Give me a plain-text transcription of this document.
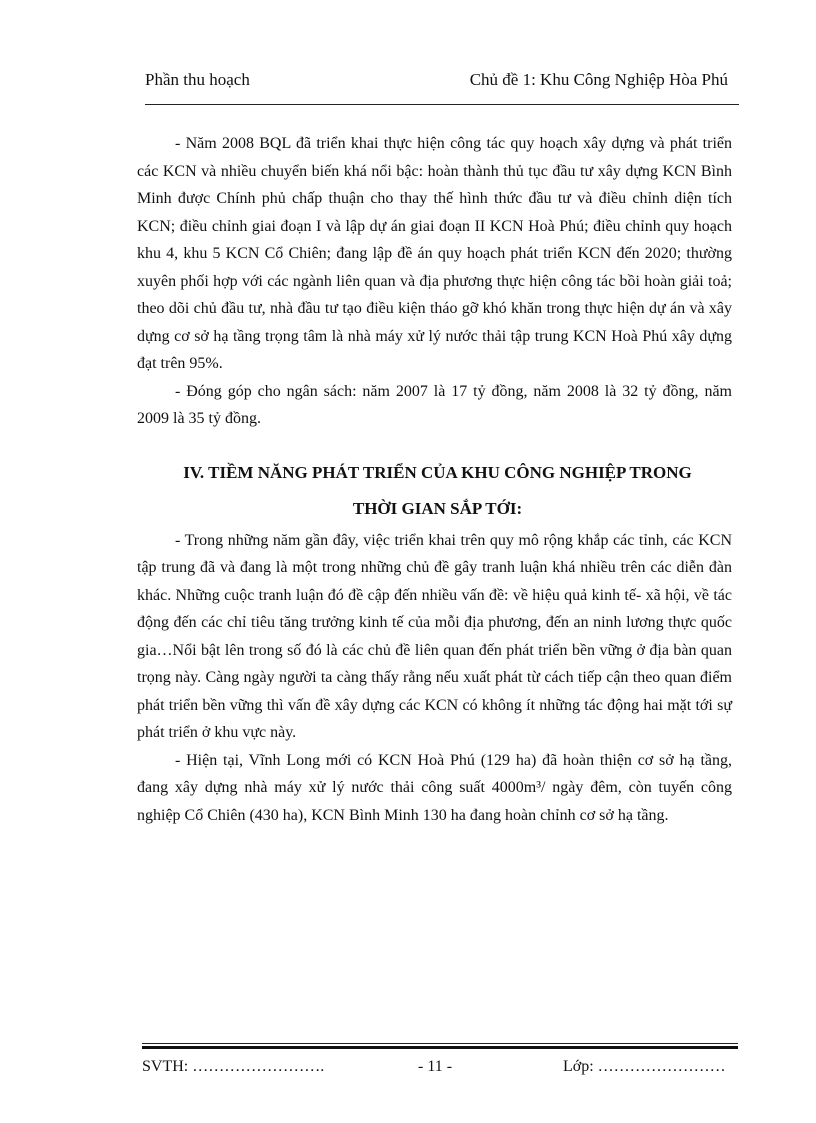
Phần thu hoạch	Chủ đề 1: Khu Công Nghiệp Hòa Phú

- Năm 2008 BQL đã triển khai thực hiện công tác quy hoạch xây dựng và phát triển các KCN và nhiều chuyển biến khá nổi bậc: hoàn thành thủ tục đầu tư xây dựng KCN Bình Minh được Chính phủ chấp thuận cho thay thế hình thức đầu tư và điều chỉnh diện tích KCN; điều chỉnh giai đoạn I và lập dự án giai đoạn II KCN Hoà Phú; điều chỉnh quy hoạch khu 4, khu 5 KCN Cổ Chiên; đang lập đề án quy hoạch phát triển KCN đến 2020; thường xuyên phối hợp với các ngành liên quan và địa phương thực hiện công tác bồi hoàn giải toả; theo dõi chủ đầu tư, nhà đầu tư tạo điều kiện tháo gỡ khó khăn trong thực hiện dự án và xây dựng cơ sở hạ tầng trọng tâm là nhà máy xử lý nước thải tập trung KCN Hoà Phú xây dựng đạt trên 95%.

- Đóng góp cho ngân sách: năm 2007 là 17 tỷ đồng, năm 2008 là 32 tỷ đồng, năm 2009 là 35 tỷ đồng.

IV. TIỀM NĂNG PHÁT TRIỂN CỦA KHU CÔNG NGHIỆP TRONG
THỜI GIAN SẮP TỚI:

- Trong những năm gần đây, việc triển khai trên quy mô rộng khắp các tỉnh, các KCN tập trung đã và đang là một trong những chủ đề gây tranh luận khá nhiều trên các diễn đàn khác. Những cuộc tranh luận đó đề cập đến nhiều vấn đề: về hiệu quả kinh tế- xã hội, về tác động đến các chỉ tiêu tăng trưởng kinh tế của mỗi địa phương, đến an ninh lương thực quốc gia…Nổi bật lên trong số đó là các chủ đề liên quan đến phát triển bền vững ở địa bàn quan trọng này. Càng ngày người ta càng thấy rằng nếu xuất phát từ cách tiếp cận theo quan điểm phát triển bền vững thì vấn đề xây dựng các KCN có không ít những tác động hai mặt tới sự phát triển ở khu vực này.

- Hiện tại, Vĩnh Long mới có KCN Hoà Phú (129 ha) đã hoàn thiện cơ sở hạ tầng, đang xây dựng nhà máy xử lý nước thải công suất 4000m³/ ngày đêm, còn tuyến công nghiệp Cổ Chiên (430 ha), KCN Bình Minh 130 ha đang hoàn chỉnh cơ sở hạ tầng.

SVTH: …………………….	- 11 -	Lớp: ……………………
